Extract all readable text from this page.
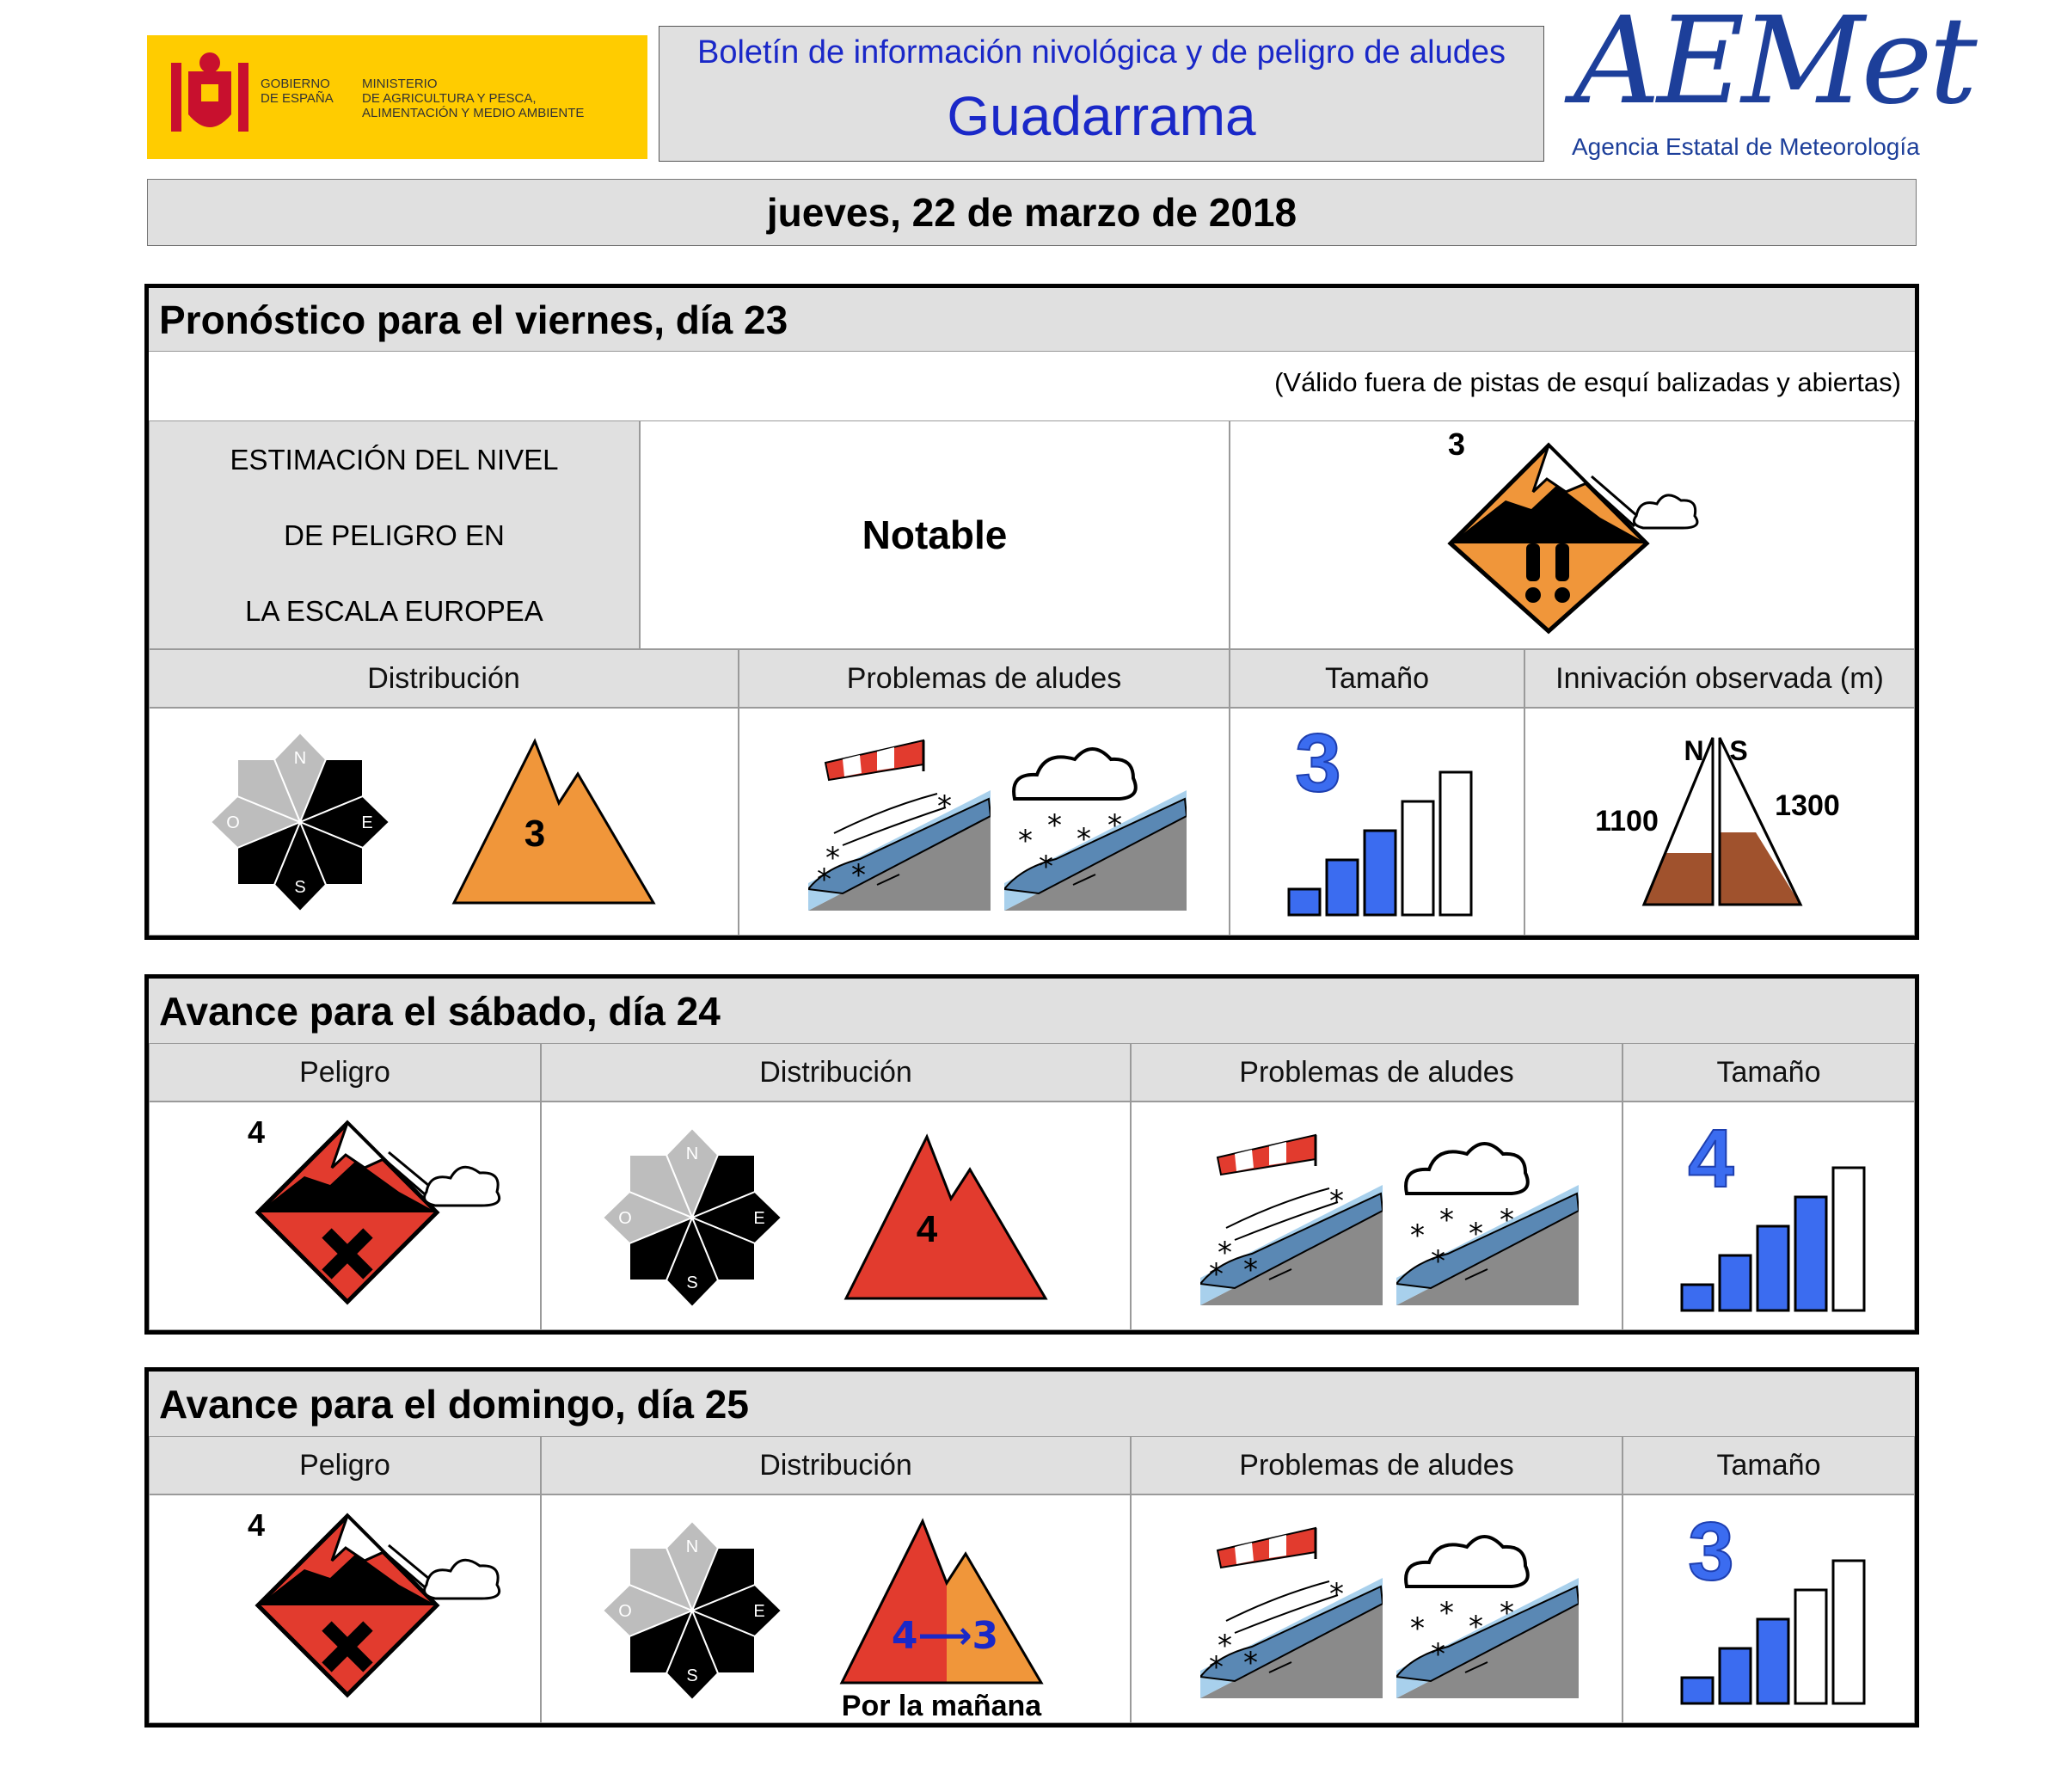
GOBIERNO
DE ESPAÑA
MINISTERIO
DE AGRICULTURA Y PESCA,
ALIMENTACIÓN Y MEDIO AMBIENTE
Boletín de información nivológica y de peligro de aludes
Guadarrama	AEMet
Agencia Estatal de Meteorología
jueves, 22 de marzo de 2018
Pronóstico para el viernes, día 23
(Válido fuera de pistas de esquí balizadas y abiertas)
ESTIMACIÓN DEL NIVEL
DE PELIGRO EN
LA ESCALA EUROPEA
Notable
3
Distribución	Problemas de aludes	Tamaño	Innivación observada (m)
N
E
S
O	3
*
*
* *
* * * *
*
3	N S
1100	1300
Avance para el sábado, día 24
Peligro	Distribución	Problemas de aludes	Tamaño
4
N
E
S
O	4
*
*
* *
* * * *
*
4
Avance para el domingo, día 25
Peligro	Distribución	Problemas de aludes	Tamaño
4
N
E
S
O
4⟶3
Por la mañana
*
*
* *
* * * *
*
3
